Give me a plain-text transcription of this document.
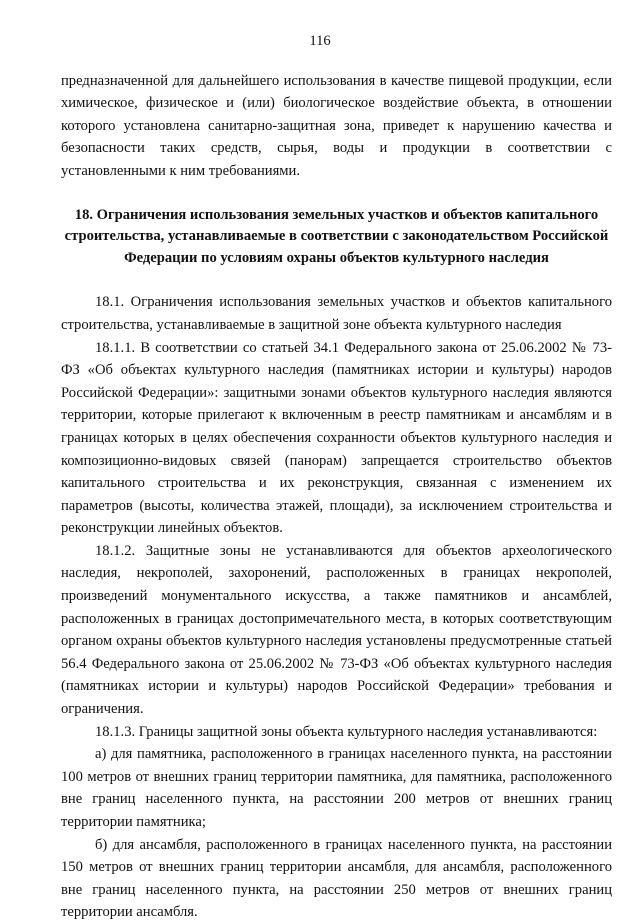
116

предназначенной для дальнейшего использования в качестве пищевой продукции, если химическое, физическое и (или) биологическое воздействие объекта, в отношении которого установлена санитарно-защитная зона, приведет к нарушению качества и безопасности таких средств, сырья, воды и продукции в соответствии с установленными к ним требованиями.

18. Ограничения использования земельных участков и объектов капитального строительства, устанавливаемые в соответствии с законодательством Российской Федерации по условиям охраны объектов культурного наследия

18.1. Ограничения использования земельных участков и объектов капитального строительства, устанавливаемые в защитной зоне объекта культурного наследия

18.1.1. В соответствии со статьей 34.1 Федерального закона от 25.06.2002 № 73-ФЗ «Об объектах культурного наследия (памятниках истории и культуры) народов Российской Федерации»: защитными зонами объектов культурного наследия являются территории, которые прилегают к включенным в реестр памятникам и ансамблям и в границах которых в целях обеспечения сохранности объектов культурного наследия и композиционно-видовых связей (панорам) запрещается строительство объектов капитального строительства и их реконструкция, связанная с изменением их параметров (высоты, количества этажей, площади), за исключением строительства и реконструкции линейных объектов.

18.1.2. Защитные зоны не устанавливаются для объектов археологического наследия, некрополей, захоронений, расположенных в границах некрополей, произведений монументального искусства, а также памятников и ансамблей, расположенных в границах достопримечательного места, в которых соответствующим органом охраны объектов культурного наследия установлены предусмотренные статьей 56.4 Федерального закона от 25.06.2002 № 73-ФЗ «Об объектах культурного наследия (памятниках истории и культуры) народов Российской Федерации» требования и ограничения.

18.1.3. Границы защитной зоны объекта культурного наследия устанавливаются:

а) для памятника, расположенного в границах населенного пункта, на расстоянии 100 метров от внешних границ территории памятника, для памятника, расположенного вне границ населенного пункта, на расстоянии 200 метров от внешних границ территории памятника;

б) для ансамбля, расположенного в границах населенного пункта, на расстоянии 150 метров от внешних границ территории ансамбля, для ансамбля, расположенного вне границ населенного пункта, на расстоянии 250 метров от внешних границ территории ансамбля.
